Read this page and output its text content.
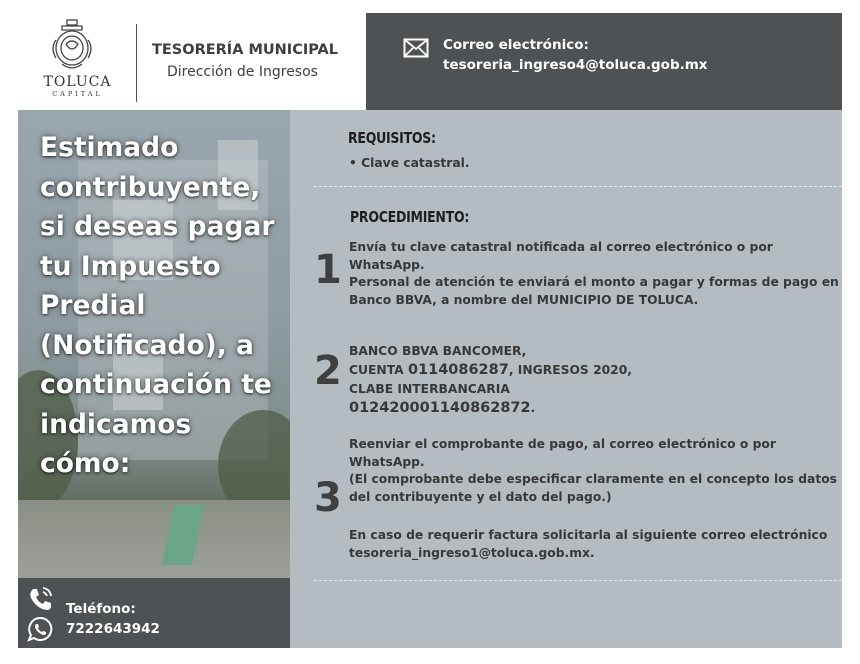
TOLUCA
CAPITAL
TESORERÍA MUNICIPAL
Dirección de Ingresos
Correo electrónico:
tesoreria_ingreso4@toluca.gob.mx
Estimado contribuyente, si deseas pagar tu Impuesto Predial (Notificado), a continuación te indicamos cómo:
Teléfono:
7222643942
REQUISITOS:
• Clave catastral.
PROCEDIMIENTO:
1 Envía tu clave catastral notificada al correo electrónico o por
WhatsApp.
Personal de atención te enviará el monto a pagar y formas de pago en
Banco BBVA, a nombre del MUNICIPIO DE TOLUCA.
2 BANCO BBVA BANCOMER,
CUENTA 0114086287, INGRESOS 2020,
CLABE INTERBANCARIA
012420001140862872.
3
Reenviar el comprobante de pago, al correo electrónico o por
WhatsApp.
(El comprobante debe especificar claramente en el concepto los datos
del contribuyente y el dato del pago.)
En caso de requerir factura solicitarla al siguiente correo electrónico
tesoreria_ingreso1@toluca.gob.mx.
